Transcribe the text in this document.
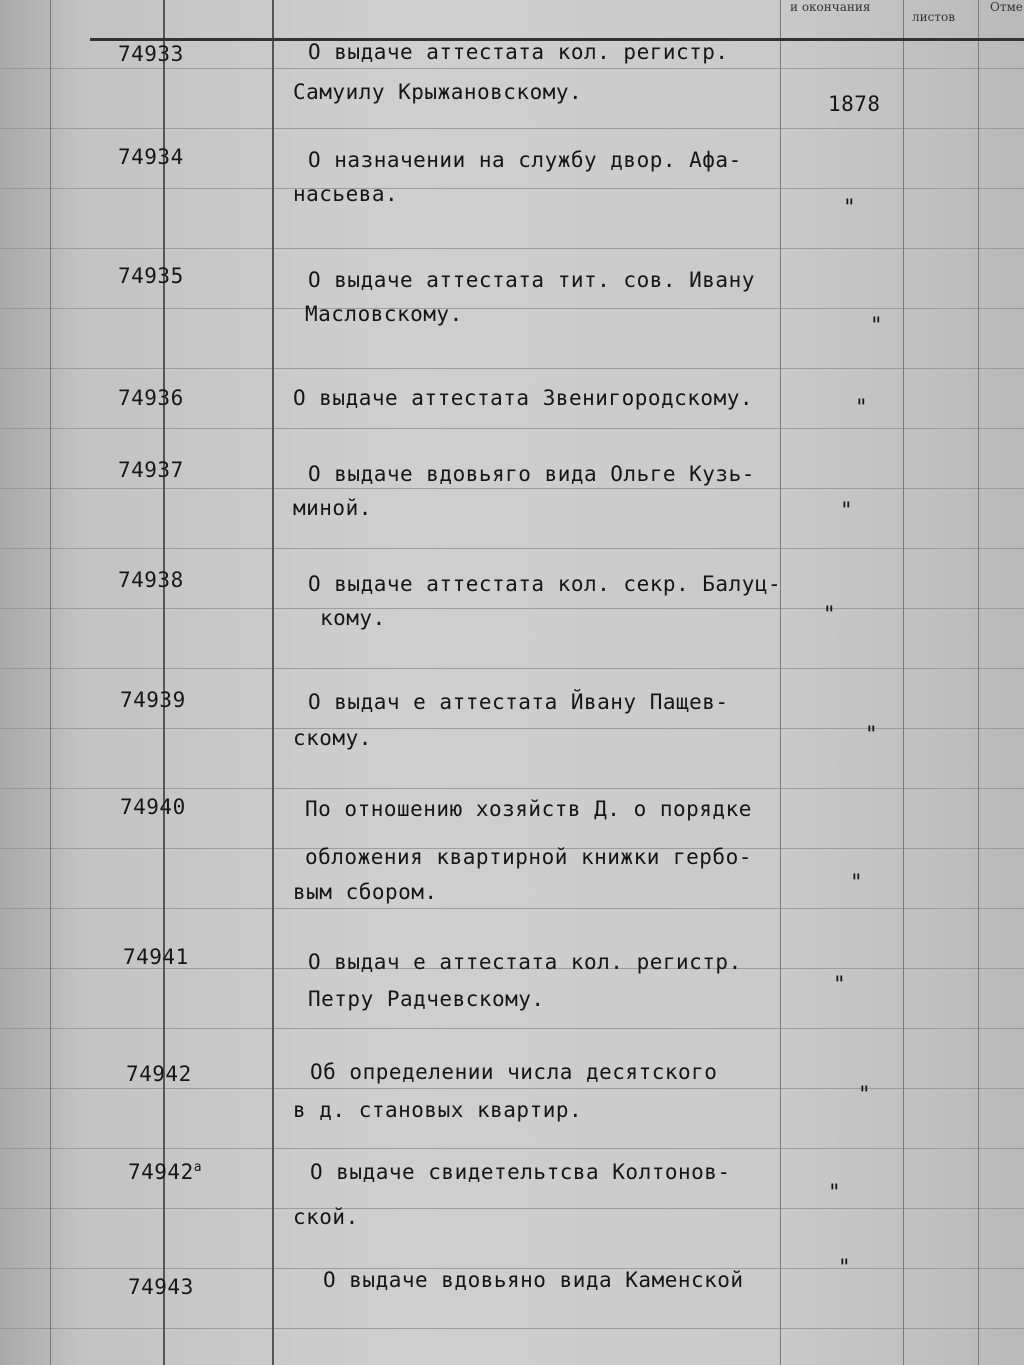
и окончания
листов
Отме
74933	О выдаче аттестата кол. регистр.
Самуилу Крыжановскому.	1878
74934	О назначении на службу двор. Афа-
насьева.
"
74935	О выдаче аттестата тит. сов. Ивану
Масловскому.	"
74936	О выдаче аттестата Звенигородскому.	"
74937	О выдаче вдовьяго вида Ольге Кузь-
миной.	"
74938	О выдаче аттестата кол. секр. Балуц-
кому.	"
74939	О выдач е аттестата Йвану Пащев-
скому.	"
74940	По отношению хозяйств Д. о порядке
обложения квартирной книжки гербо-
вым сбором.	"
74941	О выдач е аттестата кол. регистр.
Петру Радчевскому.
"
74942	Об определении числа десятского
в д. становых квартир.
"
$74942^а$	О выдаче свидетельтсва Колтонов-
ской.
"
74943	О выдаче вдовьяно вида Каменской
"
